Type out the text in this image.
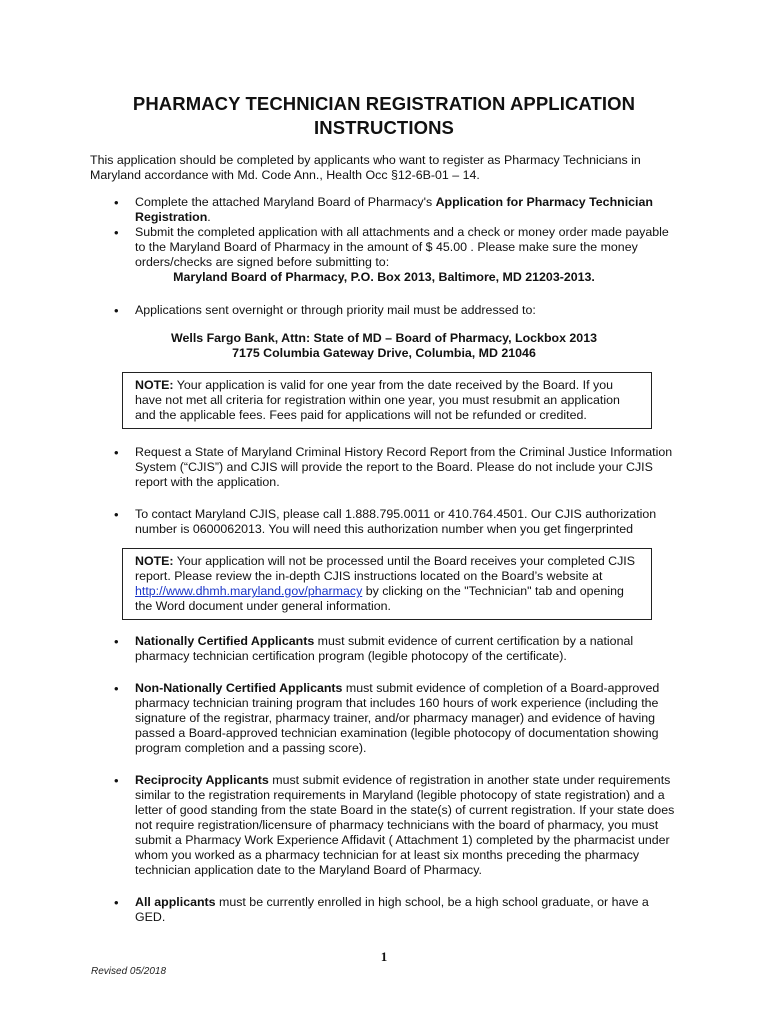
PHARMACY TECHNICIAN REGISTRATION APPLICATION INSTRUCTIONS

This application should be completed by applicants who want to register as Pharmacy Technicians in Maryland accordance with Md. Code Ann., Health Occ §12-6B-01 – 14.

• Complete the attached Maryland Board of Pharmacy's Application for Pharmacy Technician Registration.
• Submit the completed application with all attachments and a check or money order made payable to the Maryland Board of Pharmacy in the amount of $ 45.00 . Please make sure the money orders/checks are signed before submitting to:
Maryland Board of Pharmacy, P.O. Box 2013, Baltimore, MD 21203-2013.
• Applications sent overnight or through priority mail must be addressed to:
Wells Fargo Bank, Attn: State of MD – Board of Pharmacy, Lockbox 2013
7175 Columbia Gateway Drive, Columbia, MD 21046
NOTE: Your application is valid for one year from the date received by the Board. If you have not met all criteria for registration within one year, you must resubmit an application and the applicable fees. Fees paid for applications will not be refunded or credited.
• Request a State of Maryland Criminal History Record Report from the Criminal Justice Information System (“CJIS”) and CJIS will provide the report to the Board. Please do not include your CJIS report with the application.
• To contact Maryland CJIS, please call 1.888.795.0011 or 410.764.4501. Our CJIS authorization number is 0600062013. You will need this authorization number when you get fingerprinted
NOTE: Your application will not be processed until the Board receives your completed CJIS report. Please review the in-depth CJIS instructions located on the Board’s website at http://www.dhmh.maryland.gov/pharmacy by clicking on the "Technician" tab and opening the Word document under general information.
• Nationally Certified Applicants must submit evidence of current certification by a national pharmacy technician certification program (legible photocopy of the certificate).
• Non-Nationally Certified Applicants must submit evidence of completion of a Board-approved pharmacy technician training program that includes 160 hours of work experience (including the signature of the registrar, pharmacy trainer, and/or pharmacy manager) and evidence of having passed a Board-approved technician examination (legible photocopy of documentation showing program completion and a passing score).
• Reciprocity Applicants must submit evidence of registration in another state under requirements similar to the registration requirements in Maryland (legible photocopy of state registration) and a letter of good standing from the state Board in the state(s) of current registration. If your state does not require registration/licensure of pharmacy technicians with the board of pharmacy, you must submit a Pharmacy Work Experience Affidavit ( Attachment 1) completed by the pharmacist under whom you worked as a pharmacy technician for at least six months preceding the pharmacy technician application date to the Maryland Board of Pharmacy.
• All applicants must be currently enrolled in high school, be a high school graduate, or have a GED.
1
Revised 05/2018
